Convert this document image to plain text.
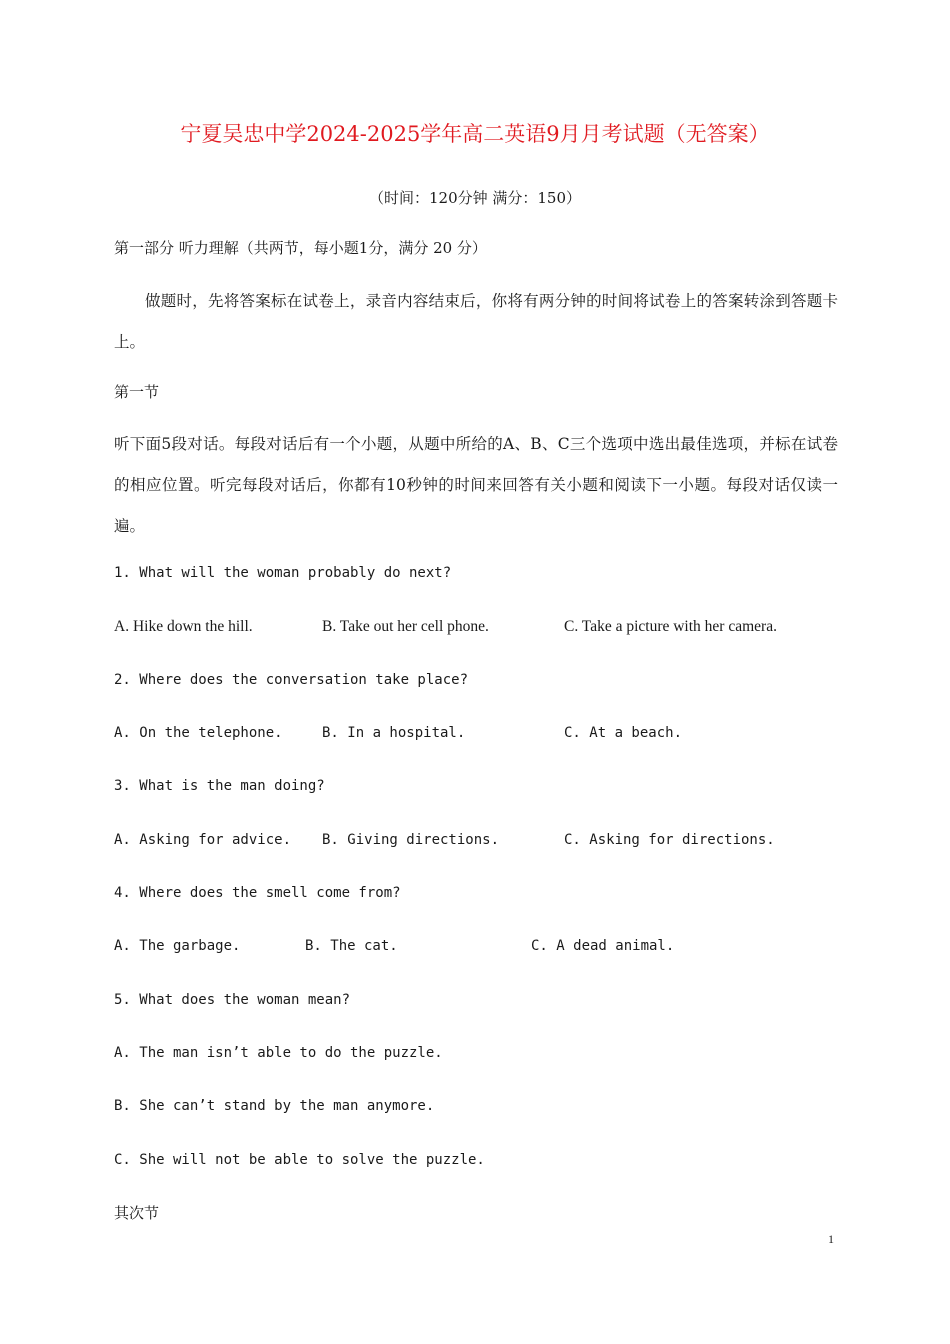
宁夏吴忠中学2024-2025学年高二英语9月月考试题（无答案）
（时间：120分钟 满分：150）
第一部分 听力理解（共两节，每小题1分，满分 20 分）
做题时，先将答案标在试卷上，录音内容结束后，你将有两分钟的时间将试卷上的答案转涂到答题卡上。
第一节
听下面5段对话。每段对话后有一个小题，从题中所给的A、B、C三个选项中选出最佳选项，并标在试卷的相应位置。听完每段对话后，你都有10秒钟的时间来回答有关小题和阅读下一小题。每段对话仅读一遍。
1. What will the woman probably do next?
A. Hike down the hill.	B. Take out her cell phone.	C. Take a picture with her camera.
2. Where does the conversation take place?
A. On the telephone.	B. In a hospital.	C. At a beach.
3. What is the man doing?
A. Asking for advice. B. Giving directions.	C. Asking for directions.
4. Where does the smell come from?
A. The garbage.	B. The cat.	C. A dead animal.
5. What does the woman mean?
A. The man isn’t able to do the puzzle.
B. She can’t stand by the man anymore.
C. She will not be able to solve the puzzle.
其次节
1
